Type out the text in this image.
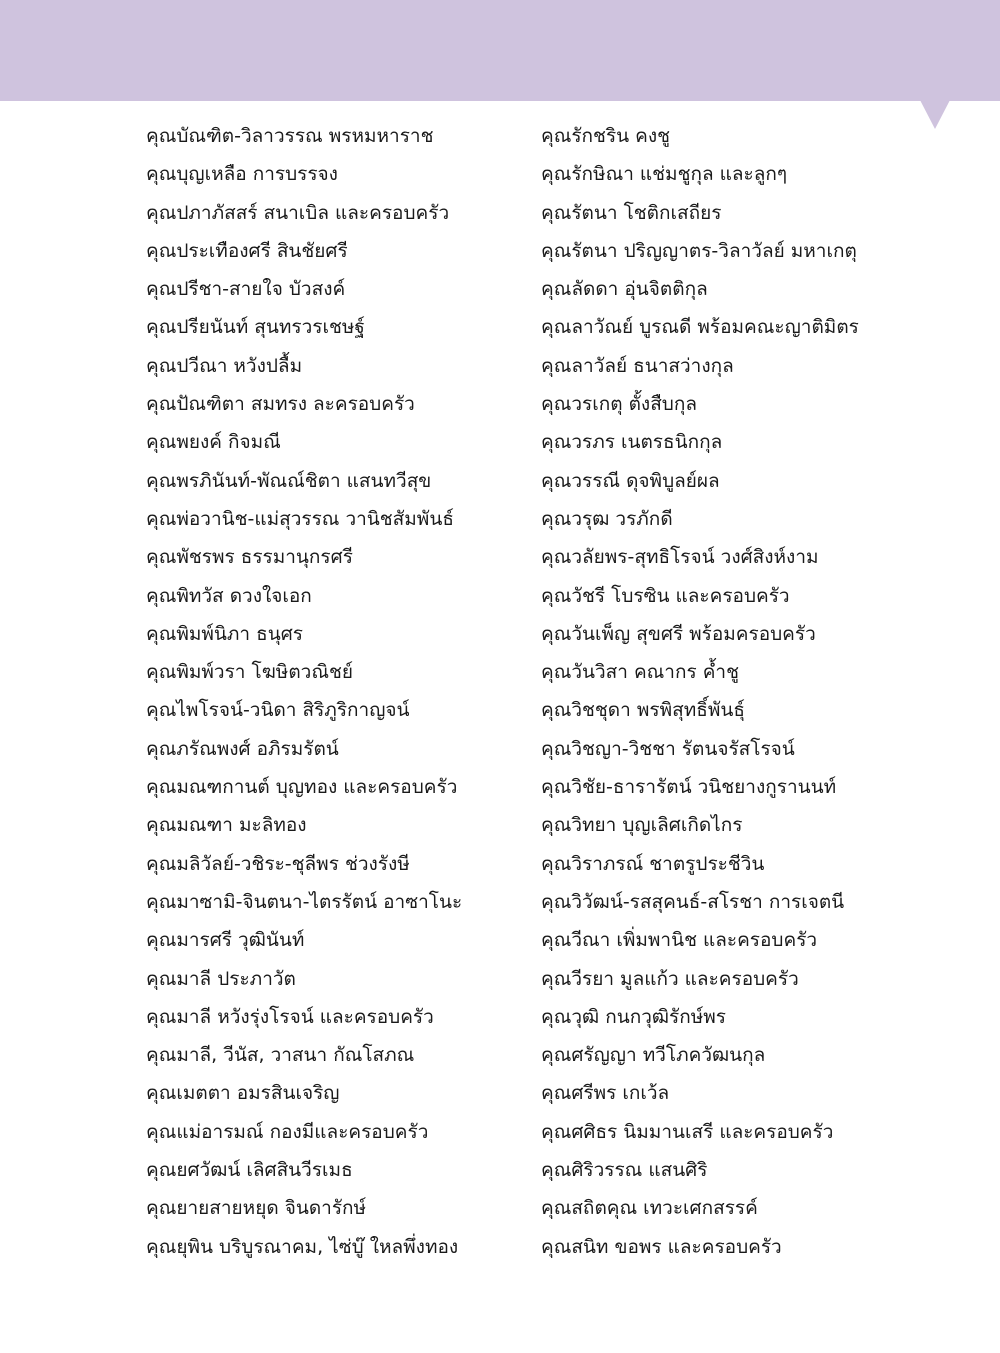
คุณบัณฑิต-วิลาวรรณ พรหมหาราช
คุณบุญเหลือ การบรรจง
คุณปภาภัสสร์ สนาเบิล และครอบครัว
คุณประเทืองศรี สินชัยศรี
คุณปรีชา-สายใจ บัวสงค์
คุณปรียนันท์ สุนทรวรเชษฐ์
คุณปวีณา หวังปลื้ม
คุณปัณฑิตา สมทรง ละครอบครัว
คุณพยงค์ กิจมณี
คุณพรภินันท์-พัณณ์ชิตา แสนทวีสุข
คุณพ่อวานิช-แม่สุวรรณ วานิชสัมพันธ์
คุณพัชรพร ธรรมานุกรศรี
คุณพิทวัส ดวงใจเอก
คุณพิมพ์นิภา ธนุศร
คุณพิมพ์วรา โฆษิตวณิชย์
คุณไพโรจน์-วนิดา สิริภูริกาญจน์
คุณภรัณพงศ์ อภิรมรัตน์
คุณมณฑกานต์ บุญทอง และครอบครัว
คุณมณฑา มะลิทอง
คุณมลิวัลย์-วชิระ-ชุลีพร ช่วงรังษี
คุณมาซามิ-จินตนา-ไตรรัตน์ อาซาโนะ
คุณมารศรี วุฒินันท์
คุณมาลี ประภาวัต
คุณมาลี หวังรุ่งโรจน์ และครอบครัว
คุณมาลี, วีนัส, วาสนา กัณโสภณ
คุณเมตตา อมรสินเจริญ
คุณแม่อารมณ์ กองมีและครอบครัว
คุณยศวัฒน์ เลิศสินวีรเมธ
คุณยายสายหยุด จินดารักษ์
คุณยุพิน บริบูรณาคม, ไซ่บู๊ ใหลพึ่งทอง
คุณรักชริน คงชู
คุณรักษิณา แช่มชูกุล และลูกๆ
คุณรัตนา โชติกเสถียร
คุณรัตนา ปริญญาตร-วิลาวัลย์ มหาเกตุ
คุณลัดดา อุ่นจิตติกุล
คุณลาวัณย์ บูรณดี พร้อมคณะญาติมิตร
คุณลาวัลย์ ธนาสว่างกุล
คุณวรเกตุ ตั้งสืบกุล
คุณวรภร เนตรธนิกกุล
คุณวรรณี ดุจพิบูลย์ผล
คุณวรุฒ วรภักดี
คุณวลัยพร-สุทธิโรจน์ วงศ์สิงห์งาม
คุณวัชรี โบรซิน และครอบครัว
คุณวันเพ็ญ สุขศรี พร้อมครอบครัว
คุณวันวิสา คณากร ค้ำชู
คุณวิชชุดา พรพิสุทธิ์พันธุ์
คุณวิชญา-วิชชา รัตนจรัสโรจน์
คุณวิชัย-ธารารัตน์ วนิชยางกูรานนท์
คุณวิทยา บุญเลิศเกิดไกร
คุณวิราภรณ์ ชาตรูประชีวิน
คุณวิวัฒน์-รสสุคนธ์-สโรชา การเจตนี
คุณวีณา เพิ่มพานิช และครอบครัว
คุณวีรยา มูลแก้ว และครอบครัว
คุณวุฒิ กนกวุฒิรักษ์พร
คุณศรัญญา ทวีโภควัฒนกุล
คุณศรีพร เกเว้ล
คุณศศิธร นิมมานเสรี และครอบครัว
คุณศิริวรรณ แสนศิริ
คุณสถิตคุณ เทวะเศกสรรค์
คุณสนิท ขอพร และครอบครัว
